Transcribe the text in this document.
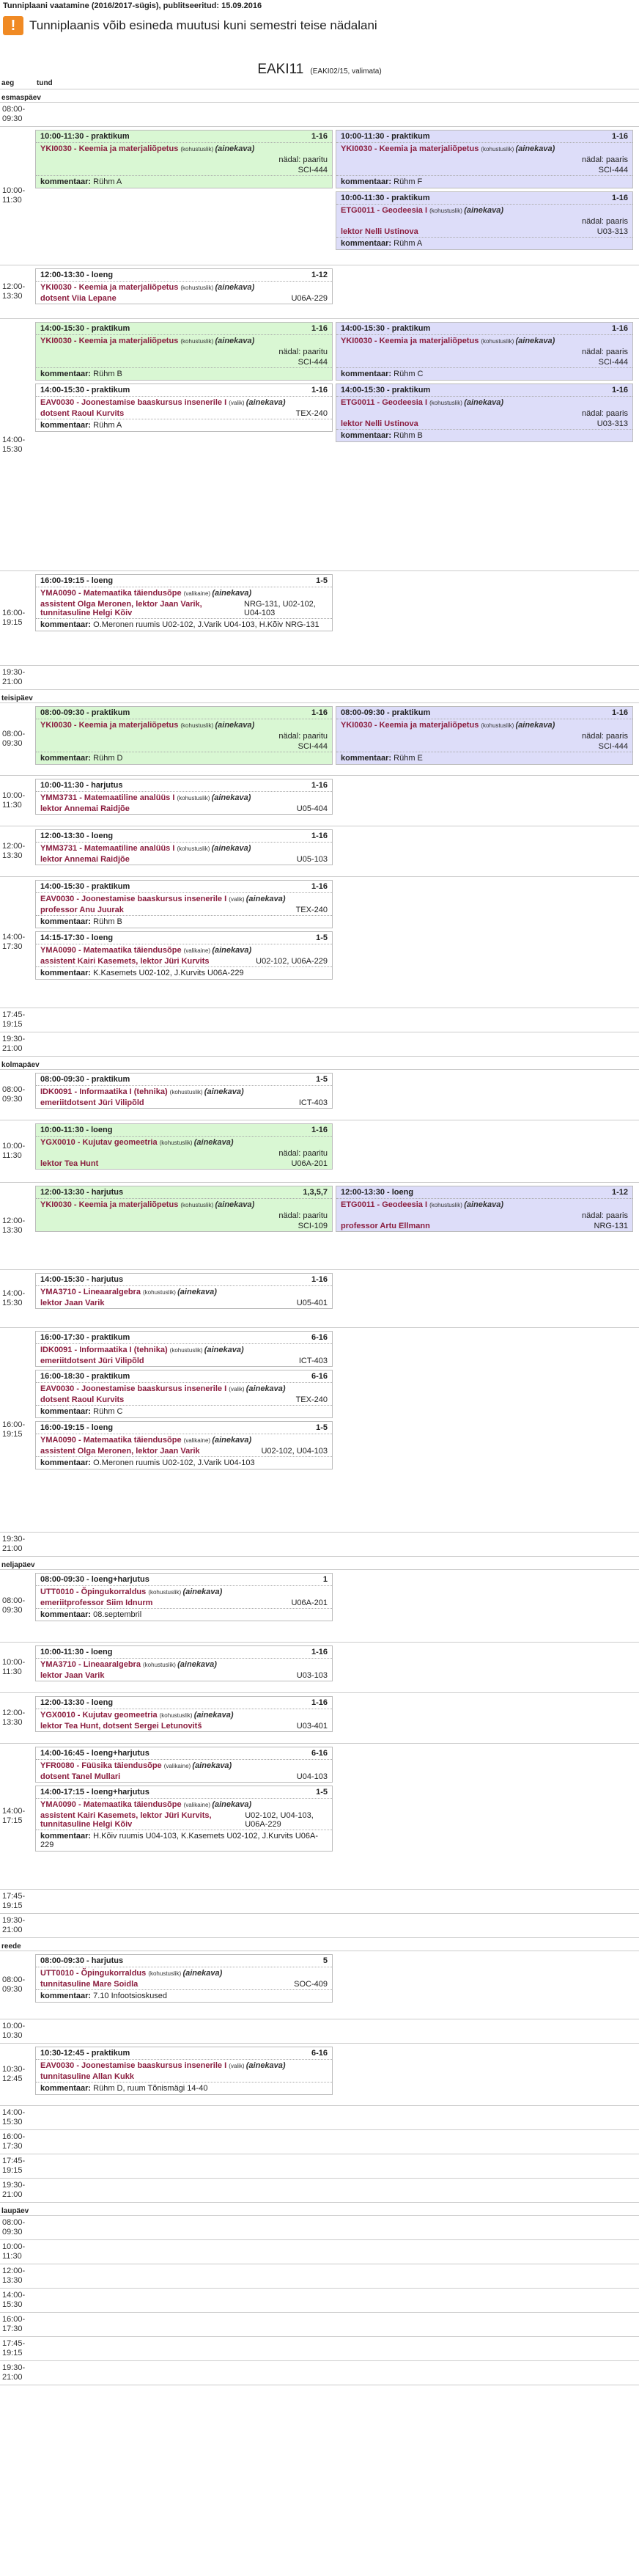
Tunniplaani vaatamine (2016/2017-sügis), publitseeritud: 15.09.2016
!	Tunniplaanis võib esineda muutusi kuni semestri teise nädalani
EAKI11 (EAKI02/15, valimata)
aeg	tund
esmaspäev
08:00-
09:30
10:00-
11:30
10:00-11:30 - praktikum	1-16
YKI0030 - Keemia ja materjaliõpetus (kohustuslik) (ainekava)
nädal: paaritu
SCI-444
kommentaar: Rühm A
10:00-11:30 - praktikum	1-16
YKI0030 - Keemia ja materjaliõpetus (kohustuslik) (ainekava)
nädal: paaris
SCI-444
kommentaar: Rühm F
10:00-11:30 - praktikum	1-16
ETG0011 - Geodeesia I (kohustuslik) (ainekava)
nädal: paaris
lektor Nelli Ustinova	U03-313
kommentaar: Rühm A
12:00-
13:30
12:00-13:30 - loeng	1-12
YKI0030 - Keemia ja materjaliõpetus (kohustuslik) (ainekava)
dotsent Viia Lepane	U06A-229
14:00-
15:30
14:00-15:30 - praktikum	1-16
YKI0030 - Keemia ja materjaliõpetus (kohustuslik) (ainekava)
nädal: paaritu
SCI-444
kommentaar: Rühm B
14:00-15:30 - praktikum	1-16
EAV0030 - Joonestamise baaskursus insenerile I (valik) (ainekava)
dotsent Raoul Kurvits	TEX-240
kommentaar: Rühm A
14:00-15:30 - praktikum	1-16
YKI0030 - Keemia ja materjaliõpetus (kohustuslik) (ainekava)
nädal: paaris
SCI-444
kommentaar: Rühm C
14:00-15:30 - praktikum	1-16
ETG0011 - Geodeesia I (kohustuslik) (ainekava)
nädal: paaris
lektor Nelli Ustinova	U03-313
kommentaar: Rühm B
16:00-
19:15
16:00-19:15 - loeng	1-5
YMA0090 - Matemaatika täiendusõpe (valikaine) (ainekava)
assistent Olga Meronen, lektor Jaan Varik, tunnitasuline Helgi Kõiv
NRG-131, U02-102, U04-103
kommentaar: O.Meronen ruumis U02-102, J.Varik U04-103, H.Kõiv NRG-131
19:30-
21:00
teisipäev
08:00-
09:30
08:00-09:30 - praktikum	1-16
YKI0030 - Keemia ja materjaliõpetus (kohustuslik) (ainekava)
nädal: paaritu
SCI-444
kommentaar: Rühm D
08:00-09:30 - praktikum	1-16
YKI0030 - Keemia ja materjaliõpetus (kohustuslik) (ainekava)
nädal: paaris
SCI-444
kommentaar: Rühm E
10:00-
11:30
10:00-11:30 - harjutus	1-16
YMM3731 - Matemaatiline analüüs I (kohustuslik) (ainekava)
lektor Annemai Raidjõe	U05-404
12:00-
13:30
12:00-13:30 - loeng	1-16
YMM3731 - Matemaatiline analüüs I (kohustuslik) (ainekava)
lektor Annemai Raidjõe	U05-103
14:00-
17:30
14:00-15:30 - praktikum	1-16
EAV0030 - Joonestamise baaskursus insenerile I (valik) (ainekava)
professor Anu Juurak	TEX-240
kommentaar: Rühm B
14:15-17:30 - loeng	1-5
YMA0090 - Matemaatika täiendusõpe (valikaine) (ainekava)
assistent Kairi Kasemets, lektor Jüri Kurvits	U02-102, U06A-229
kommentaar: K.Kasemets U02-102, J.Kurvits U06A-229
17:45-
19:15
19:30-
21:00
kolmapäev
08:00-
09:30
08:00-09:30 - praktikum	1-5
IDK0091 - Informaatika I (tehnika) (kohustuslik) (ainekava)
emeriitdotsent Jüri Vilipõld	ICT-403
10:00-
11:30
10:00-11:30 - loeng	1-16
YGX0010 - Kujutav geomeetria (kohustuslik) (ainekava)
nädal: paaritu
lektor Tea Hunt	U06A-201
12:00-
13:30
12:00-13:30 - harjutus	1,3,5,7
YKI0030 - Keemia ja materjaliõpetus (kohustuslik) (ainekava)
nädal: paaritu
SCI-109
12:00-13:30 - loeng	1-12
ETG0011 - Geodeesia I (kohustuslik) (ainekava)
nädal: paaris
professor Artu Ellmann	NRG-131
14:00-
15:30
14:00-15:30 - harjutus	1-16
YMA3710 - Lineaaralgebra (kohustuslik) (ainekava)
lektor Jaan Varik	U05-401
16:00-
19:15
16:00-17:30 - praktikum	6-16
IDK0091 - Informaatika I (tehnika) (kohustuslik) (ainekava)
emeriitdotsent Jüri Vilipõld	ICT-403
16:00-18:30 - praktikum	6-16
EAV0030 - Joonestamise baaskursus insenerile I (valik) (ainekava)
dotsent Raoul Kurvits	TEX-240
kommentaar: Rühm C
16:00-19:15 - loeng	1-5
YMA0090 - Matemaatika täiendusõpe (valikaine) (ainekava)
assistent Olga Meronen, lektor Jaan Varik	U02-102, U04-103
kommentaar: O.Meronen ruumis U02-102, J.Varik U04-103
19:30-
21:00
neljapäev
08:00-
09:30
08:00-09:30 - loeng+harjutus	1
UTT0010 - Õpingukorraldus (kohustuslik) (ainekava)
emeriitprofessor Siim Idnurm	U06A-201
kommentaar: 08.septembril
10:00-
11:30
10:00-11:30 - loeng	1-16
YMA3710 - Lineaaralgebra (kohustuslik) (ainekava)
lektor Jaan Varik	U03-103
12:00-
13:30
12:00-13:30 - loeng	1-16
YGX0010 - Kujutav geomeetria (kohustuslik) (ainekava)
lektor Tea Hunt, dotsent Sergei Letunovitš	U03-401
14:00-
17:15
14:00-16:45 - loeng+harjutus	6-16
YFR0080 - Füüsika täiendusõpe (valikaine) (ainekava)
dotsent Tanel Mullari	U04-103
14:00-17:15 - loeng+harjutus	1-5
YMA0090 - Matemaatika täiendusõpe (valikaine) (ainekava)
assistent Kairi Kasemets, lektor Jüri Kurvits, tunnitasuline Helgi Kõiv
U02-102, U04-103, U06A-229
kommentaar: H.Kõiv ruumis U04-103, K.Kasemets U02-102, J.Kurvits U06A-229
17:45-
19:15
19:30-
21:00
reede
08:00-
09:30
08:00-09:30 - harjutus	5
UTT0010 - Õpingukorraldus (kohustuslik) (ainekava)
tunnitasuline Mare Soidla	SOC-409
kommentaar: 7.10 Infootsioskused
10:00-
10:30
10:30-
12:45
10:30-12:45 - praktikum	6-16
EAV0030 - Joonestamise baaskursus insenerile I (valik) (ainekava)
tunnitasuline Allan Kukk
kommentaar: Rühm D, ruum Tõnismägi 14-40
14:00-
15:30
16:00-
17:30
17:45-
19:15
19:30-
21:00
laupäev
08:00-
09:30
10:00-
11:30
12:00-
13:30
14:00-
15:30
16:00-
17:30
17:45-
19:15
19:30-
21:00
